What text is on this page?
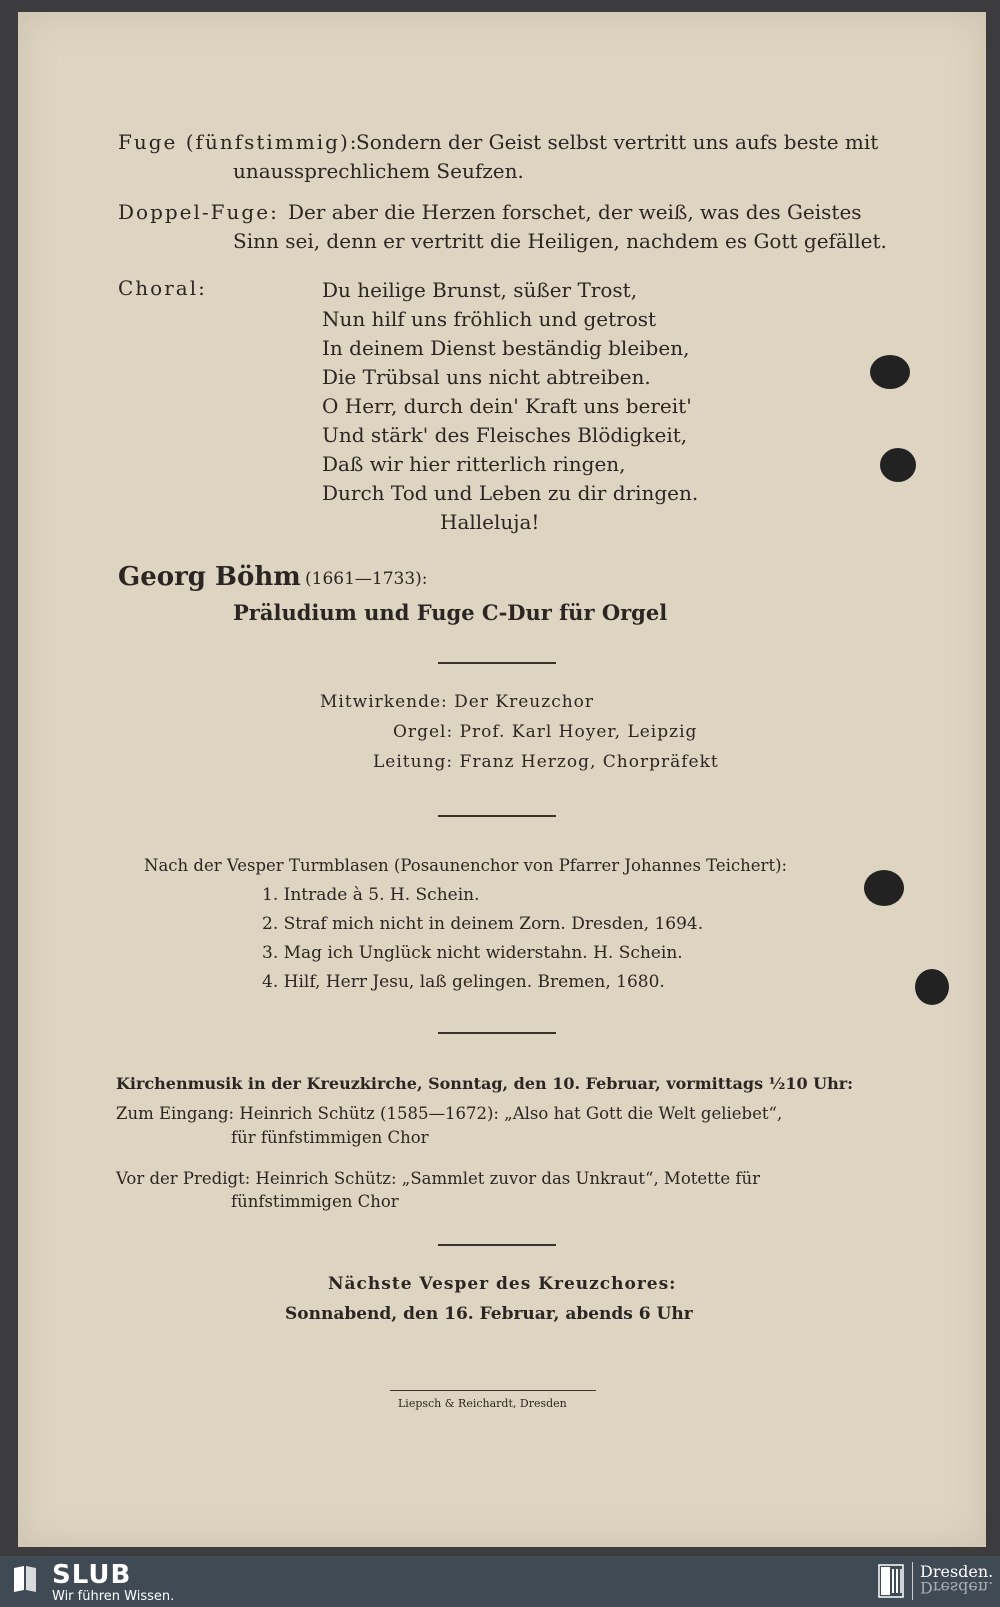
Fuge (fünfstimmig):
Sondern der Geist selbst vertritt uns aufs beste mit
unaussprechlichem Seufzen.
Doppel-Fuge: Der aber die Herzen forschet, der weiß, was des Geistes
Sinn sei, denn er vertritt die Heiligen, nachdem es Gott gefället.
Choral:	Du heilige Brunst, süßer Trost,
Nun hilf uns fröhlich und getrost
In deinem Dienst beständig bleiben,
Die Trübsal uns nicht abtreiben.
O Herr, durch dein' Kraft uns bereit'
Und stärk' des Fleisches Blödigkeit,
Daß wir hier ritterlich ringen,
Durch Tod und Leben zu dir dringen.
Halleluja!
Georg Böhm (1661—1733):
Präludium und Fuge C-Dur für Orgel
Mitwirkende: Der Kreuzchor
Orgel: Prof. Karl Hoyer, Leipzig
Leitung: Franz Herzog, Chorpräfekt
Nach der Vesper Turmblasen (Posaunenchor von Pfarrer Johannes Teichert):
1. Intrade à 5. H. Schein.
2. Straf mich nicht in deinem Zorn. Dresden, 1694.
3. Mag ich Unglück nicht widerstahn. H. Schein.
4. Hilf, Herr Jesu, laß gelingen. Bremen, 1680.
Kirchenmusik in der Kreuzkirche, Sonntag, den 10. Februar, vormittags ½10 Uhr:
Zum Eingang: Heinrich Schütz (1585—1672): „Also hat Gott die Welt geliebet“,
für fünfstimmigen Chor
Vor der Predigt: Heinrich Schütz: „Sammlet zuvor das Unkraut“, Motette für
fünfstimmigen Chor
Nächste Vesper des Kreuzchores:
Sonnabend, den 16. Februar, abends 6 Uhr
Liepsch & Reichardt, Dresden
SLUB
Wir führen Wissen.
Dresden.
Dresden.
